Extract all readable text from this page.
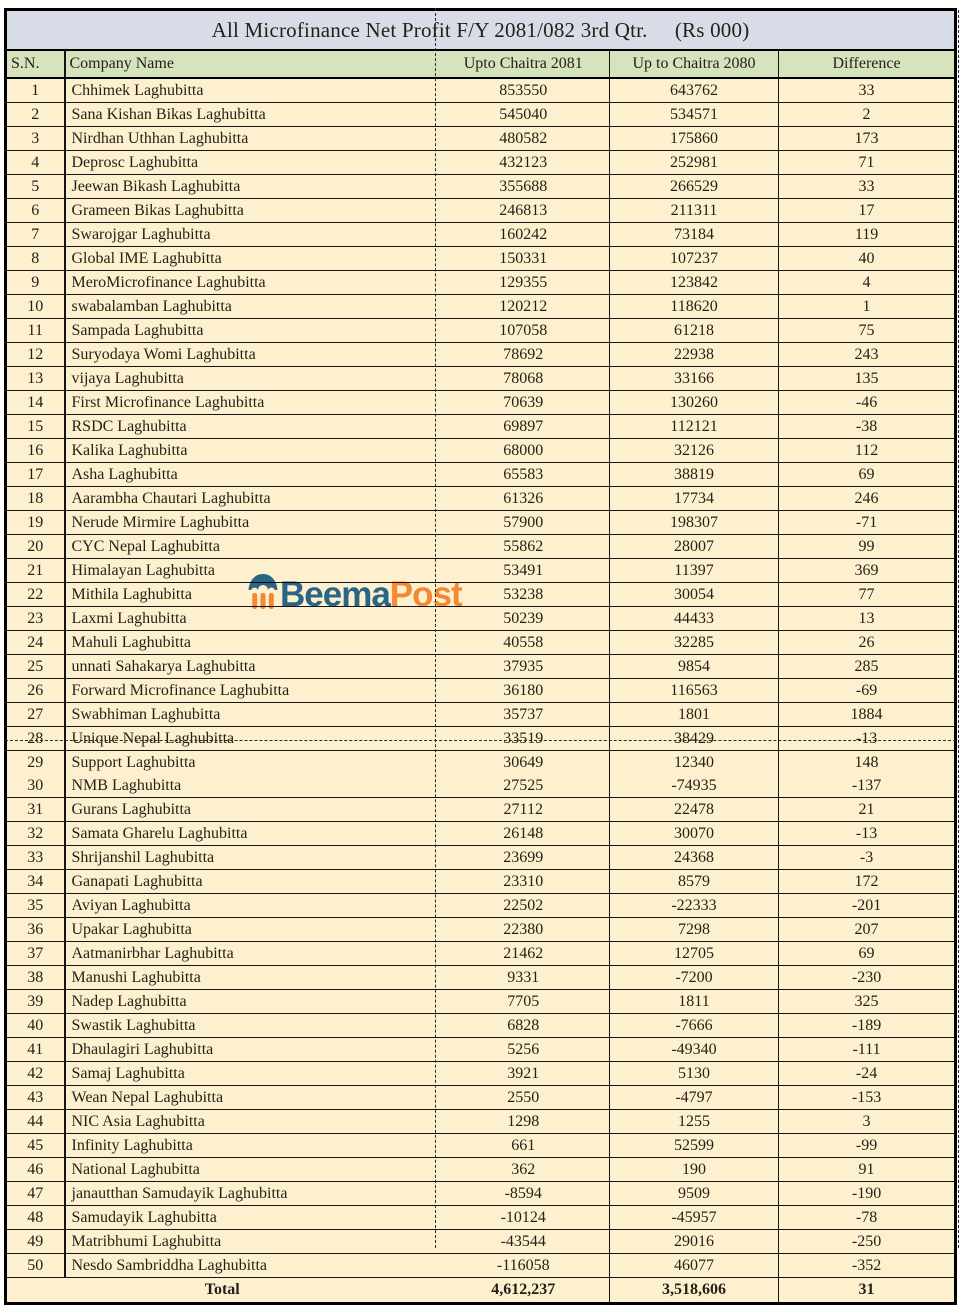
All Microfinance Net Profit F/Y 2081/082 3rd Qtr.     (Rs 000)				
S.N.	Company Name	Upto Chaitra 2081	Up to Chaitra 2080	Difference
1	Chhimek Laghubitta	853550	643762	33
2	Sana Kishan Bikas Laghubitta	545040	534571	2
3	Nirdhan Uthhan Laghubitta	480582	175860	173
4	Deprosc Laghubitta	432123	252981	71
5	Jeewan Bikash Laghubitta	355688	266529	33
6	Grameen Bikas Laghubitta	246813	211311	17
7	Swarojgar Laghubitta	160242	73184	119
8	Global IME Laghubitta	150331	107237	40
9	MeroMicrofinance Laghubitta	129355	123842	4
10	swabalamban Laghubitta	120212	118620	1
11	Sampada Laghubitta	107058	61218	75
12	Suryodaya Womi Laghubitta	78692	22938	243
13	vijaya Laghubitta	78068	33166	135
14	First Microfinance Laghubitta	70639	130260	-46
15	RSDC Laghubitta	69897	112121	-38
16	Kalika Laghubitta	68000	32126	112
17	Asha Laghubitta	65583	38819	69
18	Aarambha Chautari Laghubitta	61326	17734	246
19	Nerude Mirmire Laghubitta	57900	198307	-71
20	CYC Nepal Laghubitta	55862	28007	99
21	Himalayan Laghubitta	53491	11397	369
22	Mithila Laghubitta	53238	30054	77
23	Laxmi Laghubitta	50239	44433	13
24	Mahuli Laghubitta	40558	32285	26
25	unnati Sahakarya Laghubitta	37935	9854	285
26	Forward Microfinance Laghubitta	36180	116563	-69
27	Swabhiman Laghubitta	35737	1801	1884
28	Unique Nepal Laghubitta	33519	38429	-13
29	Support Laghubitta	30649	12340	148
30	NMB Laghubitta	27525	-74935	-137
31	Gurans Laghubitta	27112	22478	21
32	Samata Gharelu Laghubitta	26148	30070	-13
33	Shrijanshil Laghubitta	23699	24368	-3
34	Ganapati Laghubitta	23310	8579	172
35	Aviyan Laghubitta	22502	-22333	-201
36	Upakar Laghubitta	22380	7298	207
37	Aatmanirbhar Laghubitta	21462	12705	69
38	Manushi Laghubitta	9331	-7200	-230
39	Nadep Laghubitta	7705	1811	325
40	Swastik Laghubitta	6828	-7666	-189
41	Dhaulagiri Laghubitta	5256	-49340	-111
42	Samaj Laghubitta	3921	5130	-24
43	Wean Nepal Laghubitta	2550	-4797	-153
44	NIC Asia Laghubitta	1298	1255	3
45	Infinity Laghubitta	661	52599	-99
46	National Laghubitta	362	190	91
47	janautthan Samudayik Laghubitta	-8594	9509	-190
48	Samudayik Laghubitta	-10124	-45957	-78
49	Matribhumi Laghubitta	-43544	29016	-250
50	Nesdo Sambriddha Laghubitta	-116058	46077	-352
Total		4,612,237	3,518,606	31
Beema Post
